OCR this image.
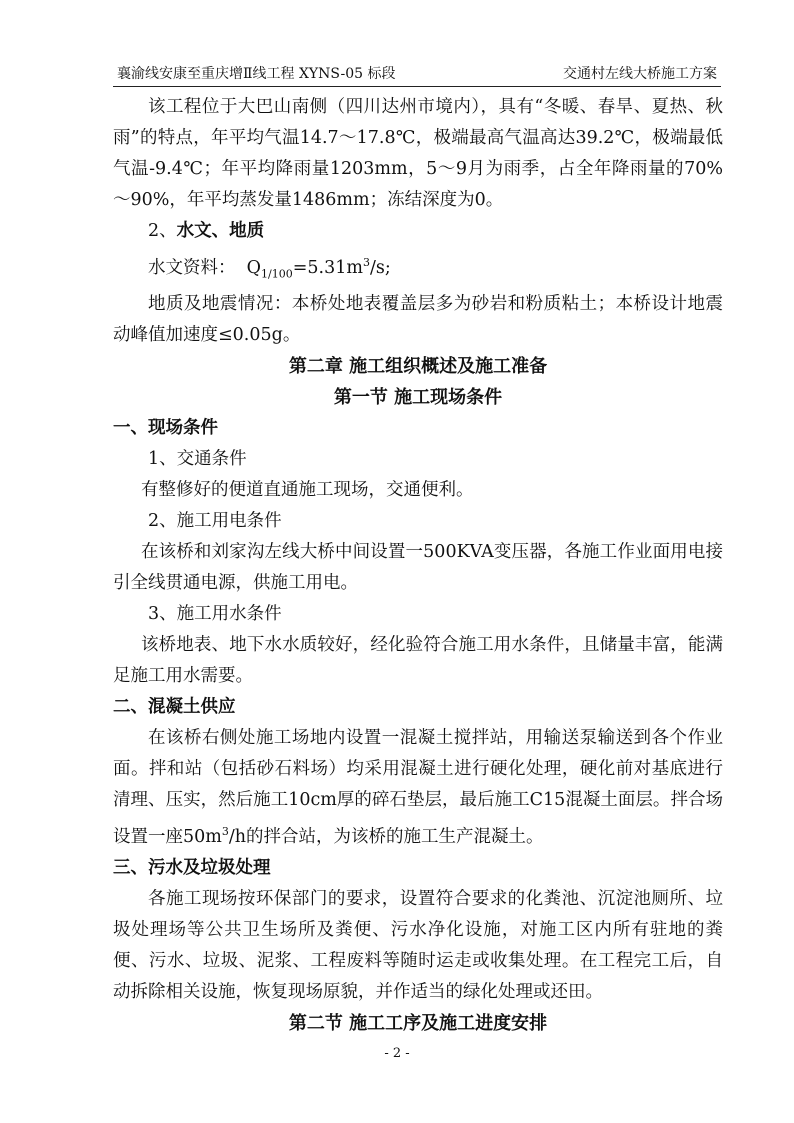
襄渝线安康至重庆增Ⅱ线工程 XYNS-05 标段	交通村左线大桥施工方案

该工程位于大巴山南侧（四川达州市境内），具有“冬暖、春旱、夏热、秋雨”的特点，年平均气温14.7～17.8℃，极端最高气温高达39.2℃，极端最低气温-9.4℃；年平均降雨量1203mm，5～9月为雨季，占全年降雨量的70%～90%，年平均蒸发量1486mm；冻结深度为0。

2、水文、地质

水文资料： $Q_{1/100}=5.31m^3/s$;

地质及地震情况：本桥处地表覆盖层多为砂岩和粉质粘土；本桥设计地震动峰值加速度≤0.05g。

第二章 施工组织概述及施工准备
第一节 施工现场条件
一、现场条件

1、交通条件

有整修好的便道直通施工现场，交通便利。

2、施工用电条件

在该桥和刘家沟左线大桥中间设置一500KVA变压器，各施工作业面用电接引全线贯通电源，供施工用电。

3、施工用水条件

该桥地表、地下水水质较好，经化验符合施工用水条件，且储量丰富，能满足施工用水需要。

二、混凝土供应

在该桥右侧处施工场地内设置一混凝土搅拌站，用输送泵输送到各个作业面。拌和站（包括砂石料场）均采用混凝土进行硬化处理，硬化前对基底进行清理、压实，然后施工10cm厚的碎石垫层，最后施工C15混凝土面层。拌合场设置一座$50m^3/h$的拌合站，为该桥的施工生产混凝土。

三、污水及垃圾处理

各施工现场按环保部门的要求，设置符合要求的化粪池、沉淀池厕所、垃圾处理场等公共卫生场所及粪便、污水净化设施，对施工区内所有驻地的粪便、污水、垃圾、泥浆、工程废料等随时运走或收集处理。在工程完工后，自动拆除相关设施，恢复现场原貌，并作适当的绿化处理或还田。

第二节 施工工序及施工进度安排
- 2 -
